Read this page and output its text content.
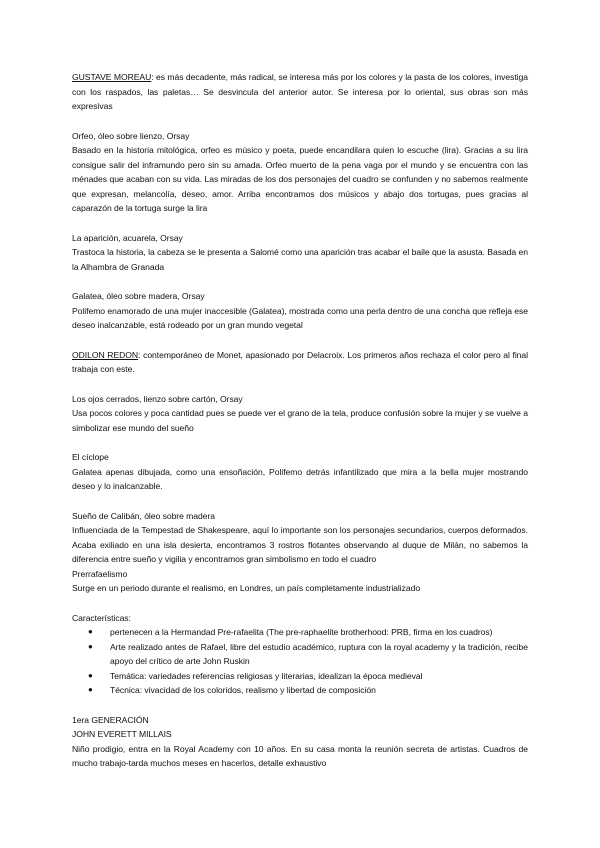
GUSTAVE MOREAU: es más decadente, más radical, se interesa más por los colores y la pasta de los colores, investiga con los raspados, las paletas… Se desvincula del anterior autor. Se interesa por lo oriental, sus obras son más expresivas

Orfeo, óleo sobre lienzo, Orsay

Basado en la historia mitológica, orfeo es músico y poeta, puede encandilara quien lo escuche (lira). Gracias a su lira consigue salir del inframundo pero sin su amada. Orfeo muerto de la pena vaga por el mundo y se encuentra con las ménades que acaban con su vida. Las miradas de los dos personajes del cuadro se confunden y no sabemos realmente que expresan, melancolía, deseo, amor. Arriba encontramos dos músicos y abajo dos tortugas, pues gracias al caparazón de la tortuga surge la lira

La aparición, acuarela, Orsay

Trastoca la historia, la cabeza se le presenta a Salomé como una aparición tras acabar el baile que la asusta. Basada en la Alhambra de Granada

Galatea, óleo sobre madera, Orsay

Polifemo enamorado de una mujer inaccesible (Galatea), mostrada como una perla dentro de una concha que refleja ese deseo inalcanzable, está rodeado por un gran mundo vegetal

ODILON REDON: contemporáneo de Monet, apasionado por Delacroix. Los primeros años rechaza el color pero al final trabaja con este.

Los ojos cerrados, lienzo sobre cartón, Orsay

Usa pocos colores y poca cantidad pues se puede ver el grano de la tela, produce confusión sobre la mujer y se vuelve a simbolizar ese mundo del sueño

El cíclope

Galatea apenas dibujada, como una ensoñación, Polifemo detrás infantilizado que mira a la bella mujer mostrando deseo y lo inalcanzable.

Sueño de Calibán, óleo sobre madera

Influenciada de la Tempestad de Shakespeare, aquí lo importante son los personajes secundarios, cuerpos deformados. Acaba exiliado en una isla desierta, encontramos 3 rostros flotantes observando al duque de Milán, no sabemos la diferencia entre sueño y vigilia y encontramos gran simbolismo en todo el cuadro

Prerrafaelismo

Surge en un periodo durante el realismo, en Londres, un país completamente industrializado

Características:

● pertenecen a la Hermandad Pre-rafaelita (The pre-raphaelite brotherhood: PRB, firma en los cuadros)
● Arte realizado antes de Rafael, libre del estudio académico, ruptura con la royal academy y la tradición, recibe apoyo del crítico de arte John Ruskin
● Temática: variedades referencias religiosas y literarias, idealizan la época medieval
● Técnica: vivacidad de los coloridos, realismo y libertad de composición

1era GENERACIÓN

JOHN EVERETT MILLAIS

Niño prodigio, entra en la Royal Academy con 10 años. En su casa monta la reunión secreta de artistas. Cuadros de mucho trabajo-tarda muchos meses en hacerlos, detalle exhaustivo
